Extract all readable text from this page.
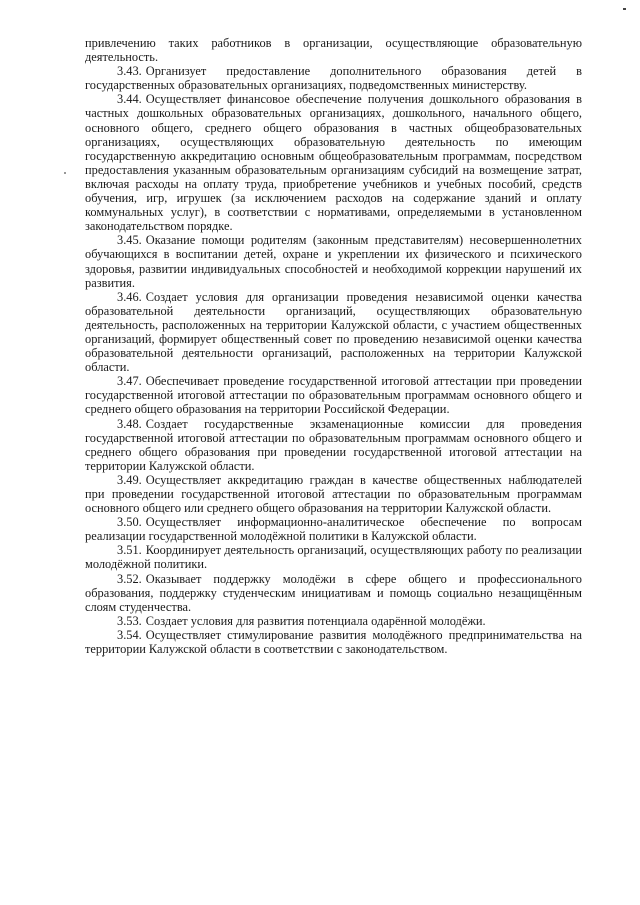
привлечению таких работников в организации, осуществляющие образовательную деятельность.

3.43. Организует предоставление дополнительного образования детей в государственных образовательных организациях, подведомственных министерству.

3.44. Осуществляет финансовое обеспечение получения дошкольного образования в частных дошкольных образовательных организациях, дошкольного, начального общего, основного общего, среднего общего образования в частных общеобразовательных организациях, осуществляющих образовательную деятельность по имеющим государственную аккредитацию основным общеобразовательным программам, посредством предоставления указанным образовательным организациям субсидий на возмещение затрат, включая расходы на оплату труда, приобретение учебников и учебных пособий, средств обучения, игр, игрушек (за исключением расходов на содержание зданий и оплату коммунальных услуг), в соответствии с нормативами, определяемыми в установленном законодательством порядке.

3.45. Оказание помощи родителям (законным представителям) несовершеннолетних обучающихся в воспитании детей, охране и укреплении их физического и психического здоровья, развитии индивидуальных способностей и необходимой коррекции нарушений их развития.

3.46. Создает условия для организации проведения независимой оценки качества образовательной деятельности организаций, осуществляющих образовательную деятельность, расположенных на территории Калужской области, с участием общественных организаций, формирует общественный совет по проведению независимой оценки качества образовательной деятельности организаций, расположенных на территории Калужской области.

3.47. Обеспечивает проведение государственной итоговой аттестации при проведении государственной итоговой аттестации по образовательным программам основного общего и среднего общего образования на территории Российской Федерации.

3.48. Создает государственные экзаменационные комиссии для проведения государственной итоговой аттестации по образовательным программам основного общего и среднего общего образования при проведении государственной итоговой аттестации на территории Калужской области.

3.49. Осуществляет аккредитацию граждан в качестве общественных наблюдателей при проведении государственной итоговой аттестации по образовательным программам основного общего или среднего общего образования на территории Калужской области.

3.50. Осуществляет информационно-аналитическое обеспечение по вопросам реализации государственной молодёжной политики в Калужской области.

3.51. Координирует деятельность организаций, осуществляющих работу по реализации молодёжной политики.

3.52. Оказывает поддержку молодёжи в сфере общего и профессионального образования, поддержку студенческим инициативам и помощь социально незащищённым слоям студенчества.

3.53. Создает условия для развития потенциала одарённой молодёжи.

3.54. Осуществляет стимулирование развития молодёжного предпринимательства на территории Калужской области в соответствии с законодательством.
